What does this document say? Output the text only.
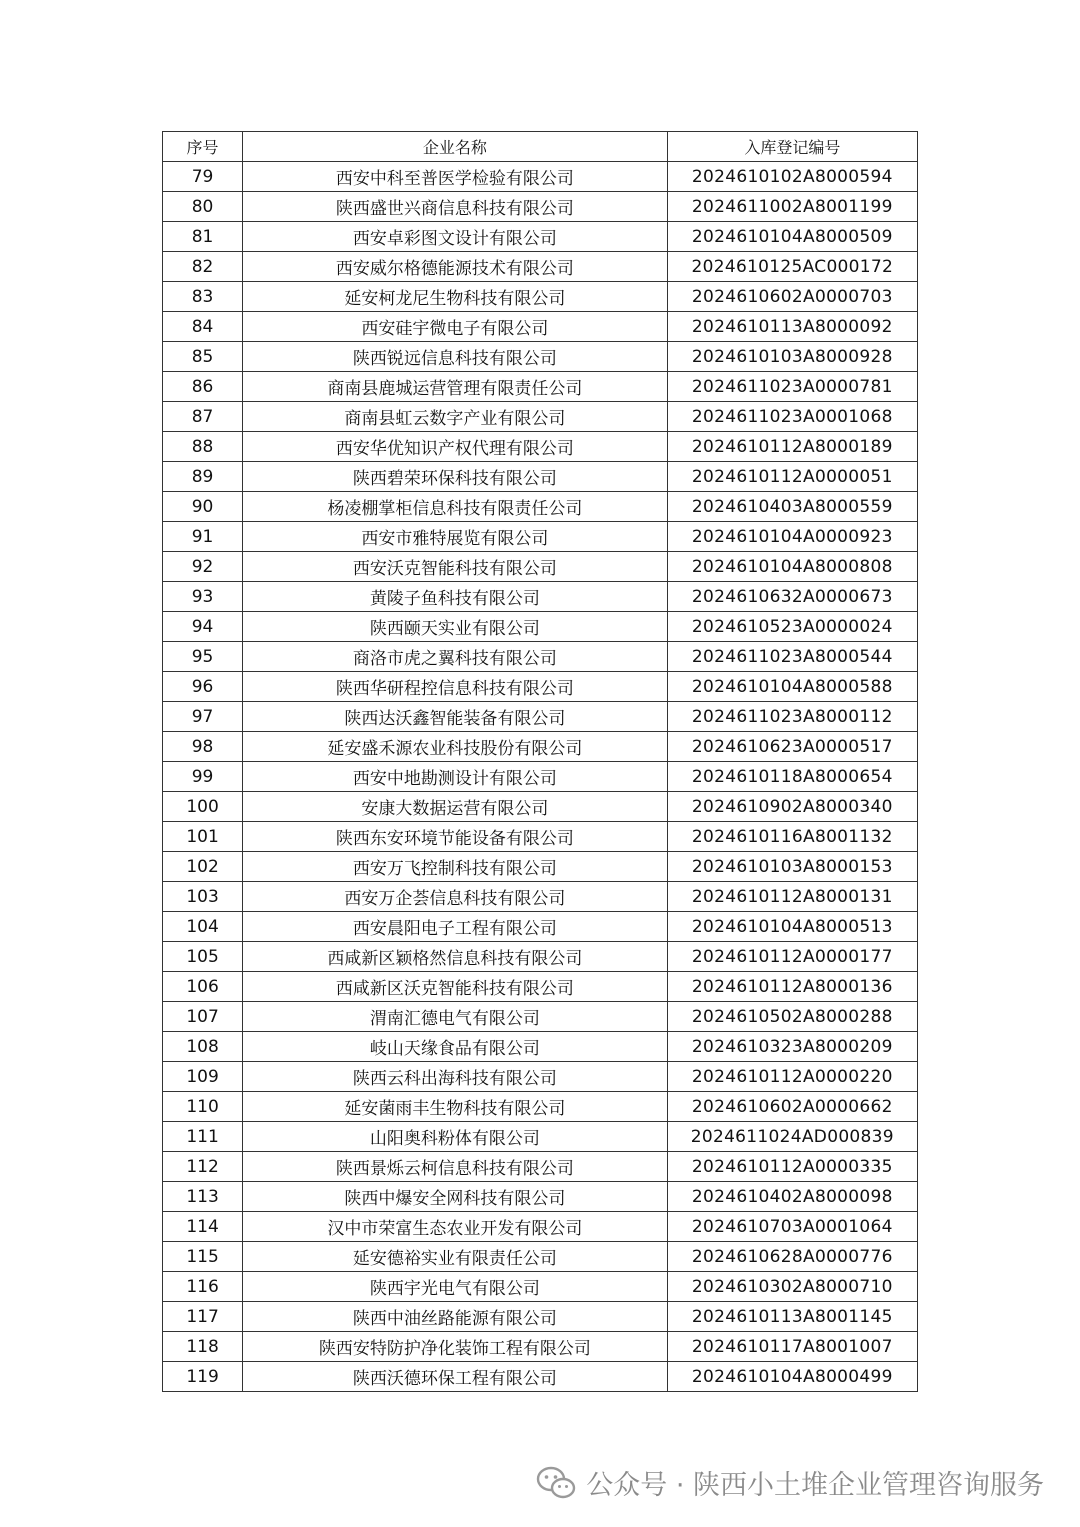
序号	企业名称	入库登记编号
79	西安中科至普医学检验有限公司	2024610102A8000594
80	陕西盛世兴商信息科技有限公司	2024611002A8001199
81	西安卓彩图文设计有限公司	2024610104A8000509
82	西安威尔格德能源技术有限公司	2024610125AC000172
83	延安柯龙尼生物科技有限公司	2024610602A0000703
84	西安硅宇微电子有限公司	2024610113A8000092
85	陕西锐远信息科技有限公司	2024610103A8000928
86	商南县鹿城运营管理有限责任公司	2024611023A0000781
87	商南县虹云数字产业有限公司	2024611023A0001068
88	西安华优知识产权代理有限公司	2024610112A8000189
89	陕西碧荣环保科技有限公司	2024610112A0000051
90	杨凌棚掌柜信息科技有限责任公司	2024610403A8000559
91	西安市雅特展览有限公司	2024610104A0000923
92	西安沃克智能科技有限公司	2024610104A8000808
93	黄陵子鱼科技有限公司	2024610632A0000673
94	陕西颐天实业有限公司	2024610523A0000024
95	商洛市虎之翼科技有限公司	2024611023A8000544
96	陕西华研程控信息科技有限公司	2024610104A8000588
97	陕西达沃鑫智能装备有限公司	2024611023A8000112
98	延安盛禾源农业科技股份有限公司	2024610623A0000517
99	西安中地勘测设计有限公司	2024610118A8000654
100	安康大数据运营有限公司	2024610902A8000340
101	陕西东安环境节能设备有限公司	2024610116A8001132
102	西安万飞控制科技有限公司	2024610103A8000153
103	西安万企荟信息科技有限公司	2024610112A8000131
104	西安晨阳电子工程有限公司	2024610104A8000513
105	西咸新区颖格然信息科技有限公司	2024610112A0000177
106	西咸新区沃克智能科技有限公司	2024610112A8000136
107	渭南汇德电气有限公司	2024610502A8000288
108	岐山天缘食品有限公司	2024610323A8000209
109	陕西云科出海科技有限公司	2024610112A0000220
110	延安菌雨丰生物科技有限公司	2024610602A0000662
111	山阳奥科粉体有限公司	2024611024AD000839
112	陕西景烁云柯信息科技有限公司	2024610112A0000335
113	陕西中爆安全网科技有限公司	2024610402A8000098
114	汉中市荣富生态农业开发有限公司	2024610703A0001064
115	延安德裕实业有限责任公司	2024610628A0000776
116	陕西宇光电气有限公司	2024610302A8000710
117	陕西中油丝路能源有限公司	2024610113A8001145
118	陕西安特防护净化装饰工程有限公司	2024610117A8001007
119	陕西沃德环保工程有限公司	2024610104A8000499
公众号 · 陕西小土堆企业管理咨询服务
